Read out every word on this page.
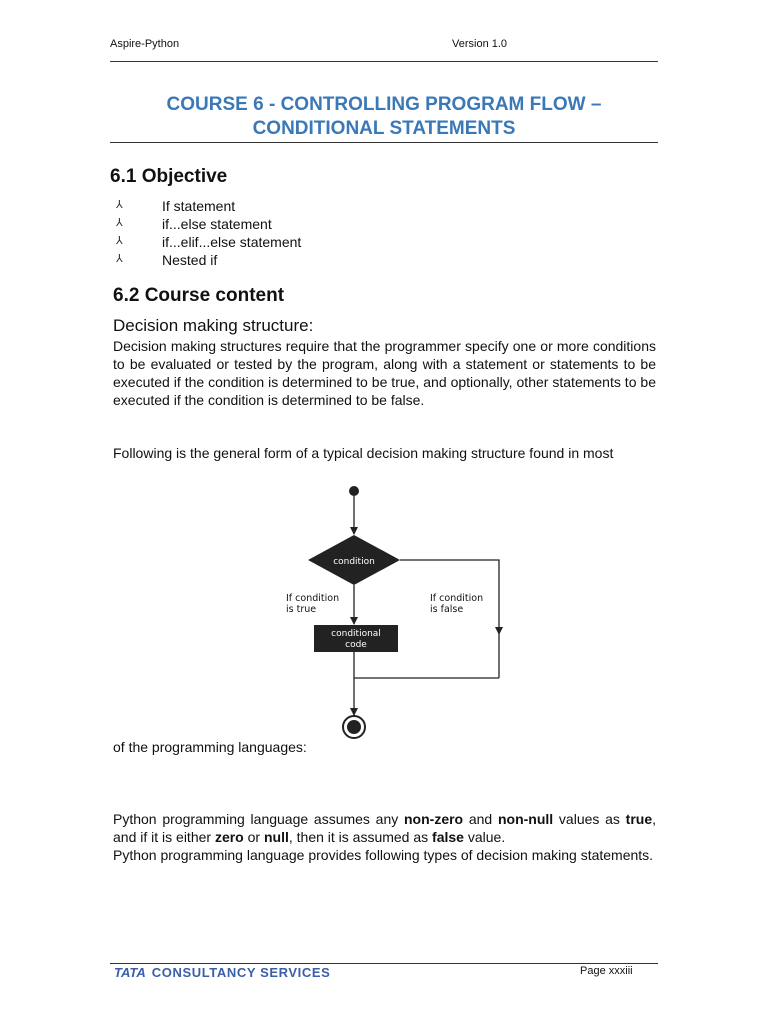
Aspire-Python	Version 1.0
COURSE 6 - CONTROLLING PROGRAM FLOW –
CONDITIONAL STATEMENTS
6.1 Objective
⅄	If statement
⅄	if...else statement
⅄	if...elif...else statement
⅄	Nested if
6.2 Course content
Decision making structure:
Decision making structures require that the programmer specify one or more conditions to be evaluated or tested by the program, along with a statement or statements to be executed if the condition is determined to be true, and optionally, other statements to be executed if the condition is determined to be false.
Following is the general form of a typical decision making structure found in most
condition
If condition
is true
conditional
code
If condition
is false
of the programming languages:
Python programming language assumes any non-zero and non-null values as true, and if it is either zero or null, then it is assumed as false value.
Python programming language provides following types of decision making statements.
TATA CONSULTANCY SERVICES	Page xxxiii
